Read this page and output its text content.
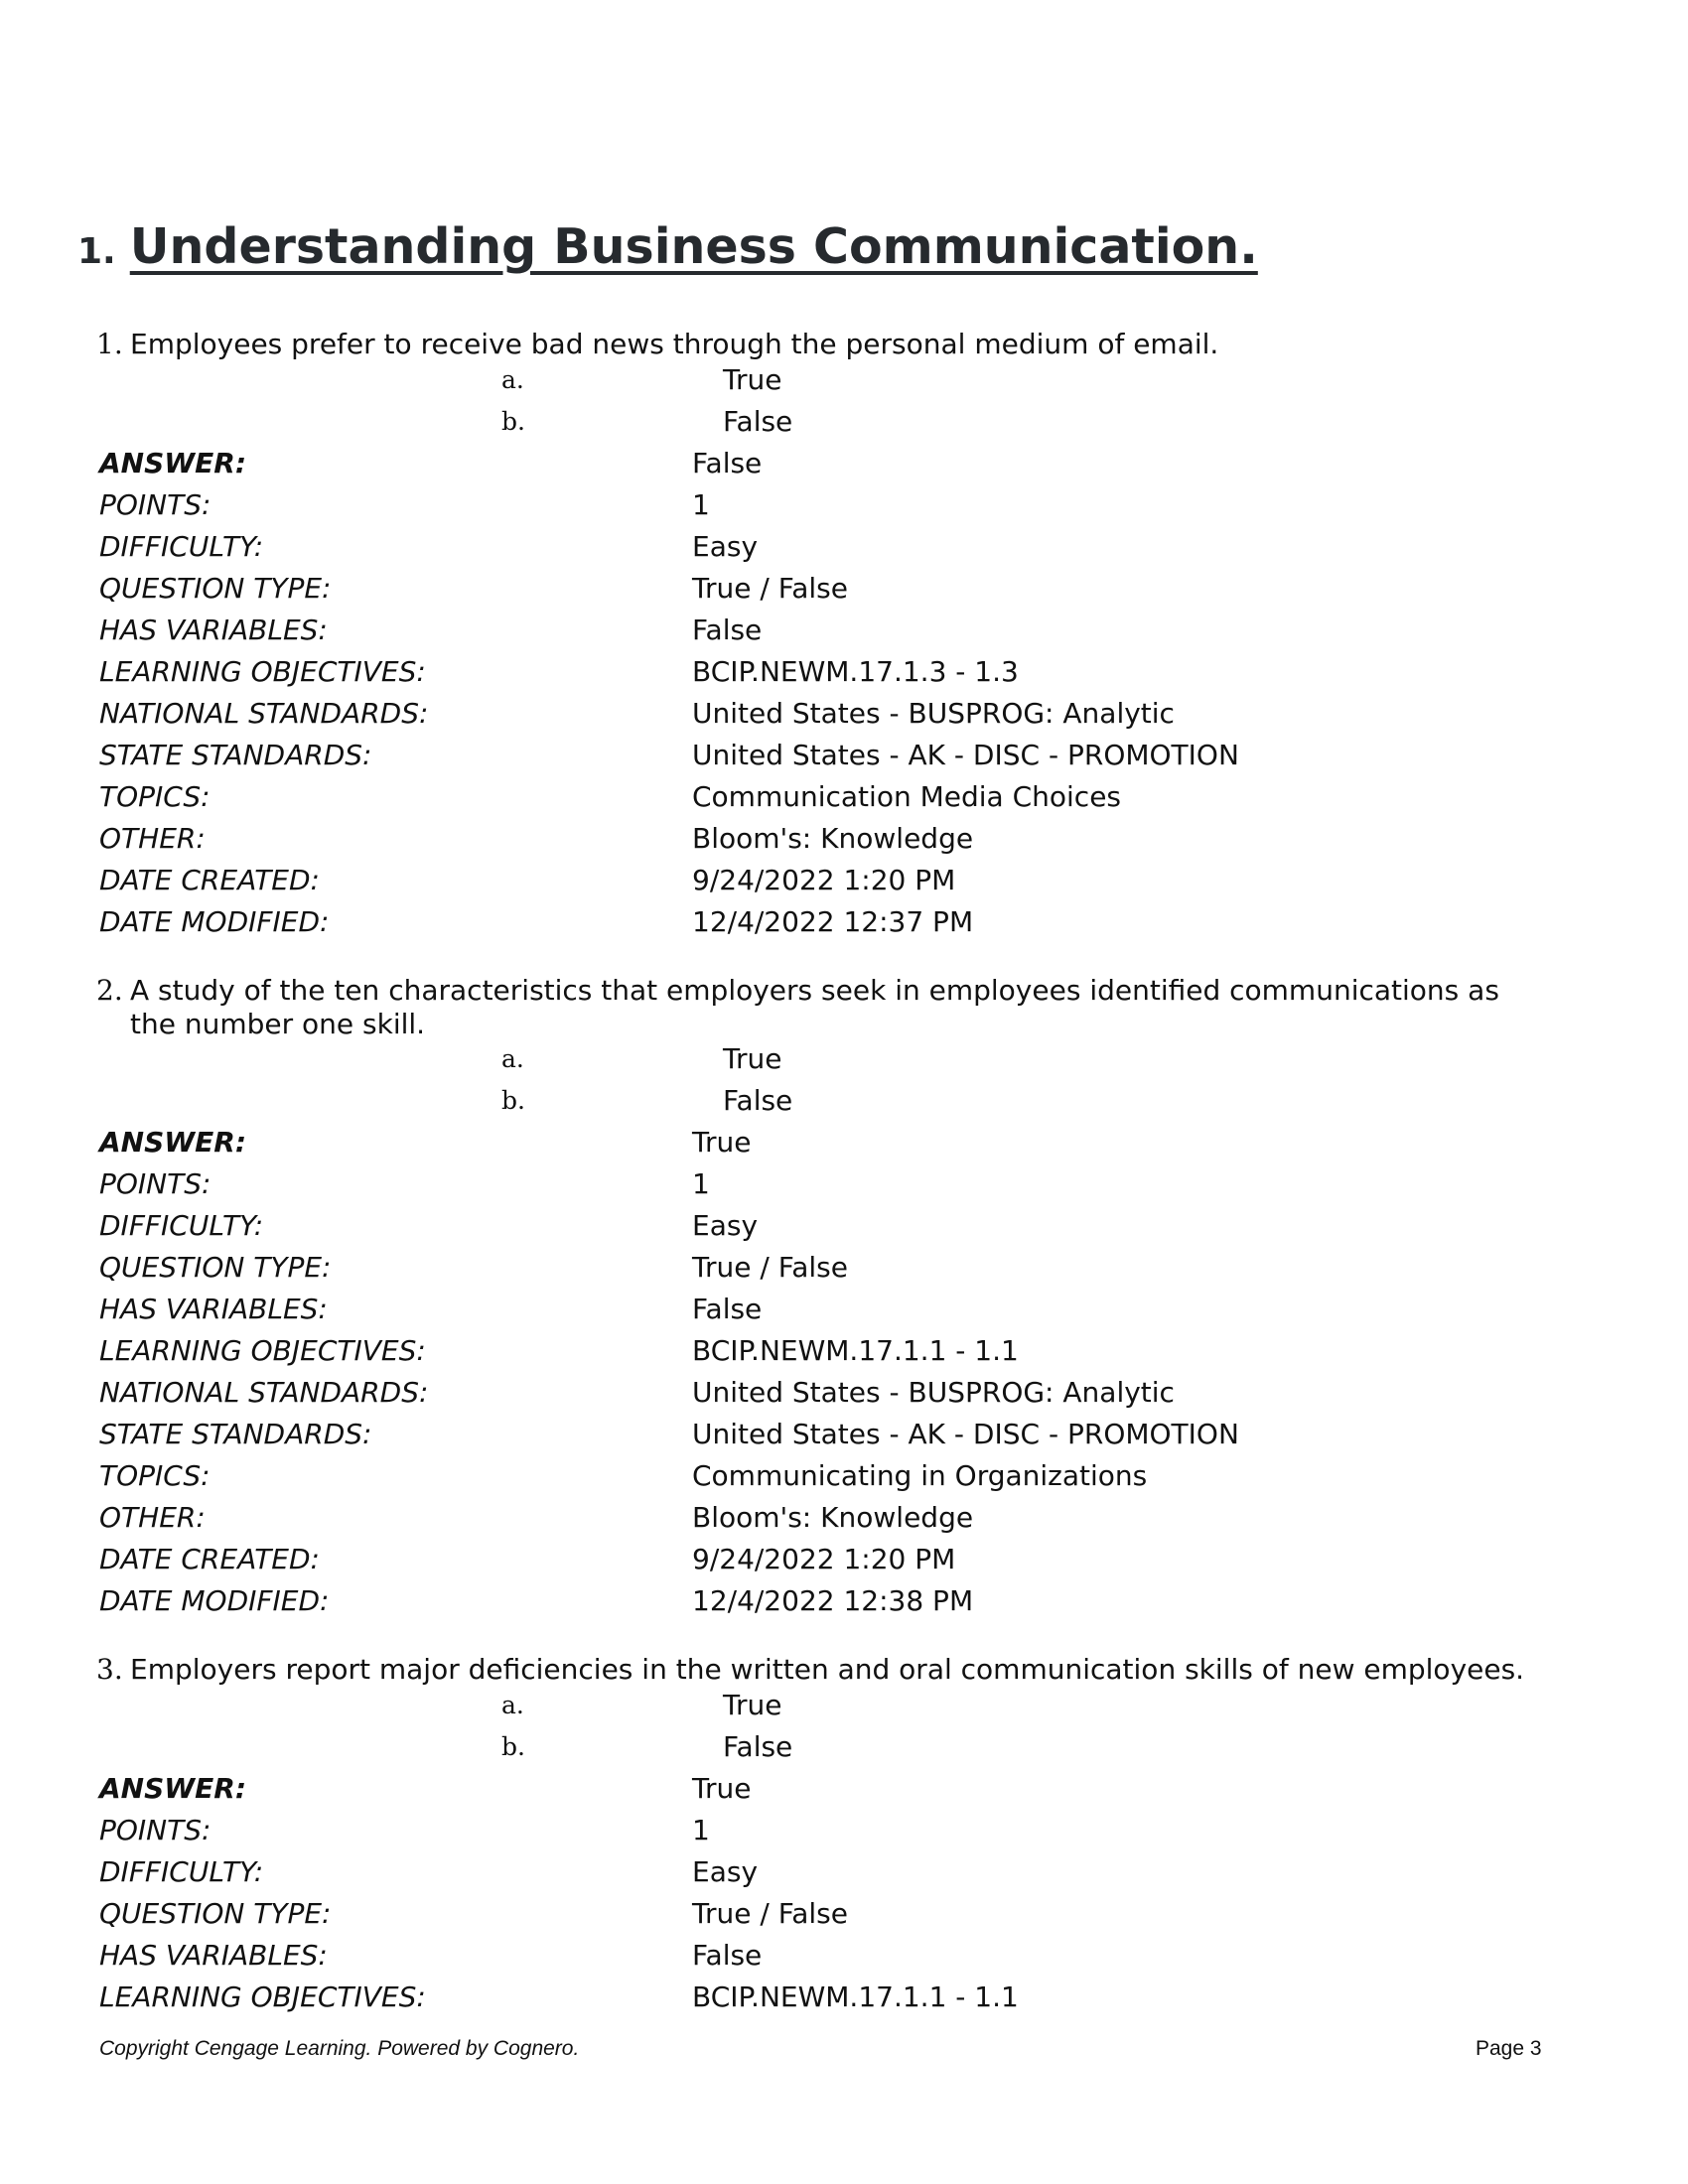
1. Understanding Business Communication.
1. Employees prefer to receive bad news through the personal medium of email.
a.	True
b.	False
ANSWER:	False
POINTS:	1
DIFFICULTY:	Easy
QUESTION TYPE:	True / False
HAS VARIABLES:	False
LEARNING OBJECTIVES:	BCIP.NEWM.17.1.3 - 1.3
NATIONAL STANDARDS:	United States - BUSPROG: Analytic
STATE STANDARDS:	United States - AK - DISC - PROMOTION
TOPICS:	Communication Media Choices
OTHER:	Bloom's: Knowledge
DATE CREATED:	9/24/2022 1:20 PM
DATE MODIFIED:	12/4/2022 12:37 PM
2. A study of the ten characteristics that employers seek in employees identified communications as the number one skill.
a.	True
b.	False
ANSWER:	True
POINTS:	1
DIFFICULTY:	Easy
QUESTION TYPE:	True / False
HAS VARIABLES:	False
LEARNING OBJECTIVES:	BCIP.NEWM.17.1.1 - 1.1
NATIONAL STANDARDS:	United States - BUSPROG: Analytic
STATE STANDARDS:	United States - AK - DISC - PROMOTION
TOPICS:	Communicating in Organizations
OTHER:	Bloom's: Knowledge
DATE CREATED:	9/24/2022 1:20 PM
DATE MODIFIED:	12/4/2022 12:38 PM
3. Employers report major deficiencies in the written and oral communication skills of new employees.
a.	True
b.	False
ANSWER:	True
POINTS:	1
DIFFICULTY:	Easy
QUESTION TYPE:	True / False
HAS VARIABLES:	False
LEARNING OBJECTIVES:	BCIP.NEWM.17.1.1 - 1.1
Copyright Cengage Learning. Powered by Cognero.	Page 3
